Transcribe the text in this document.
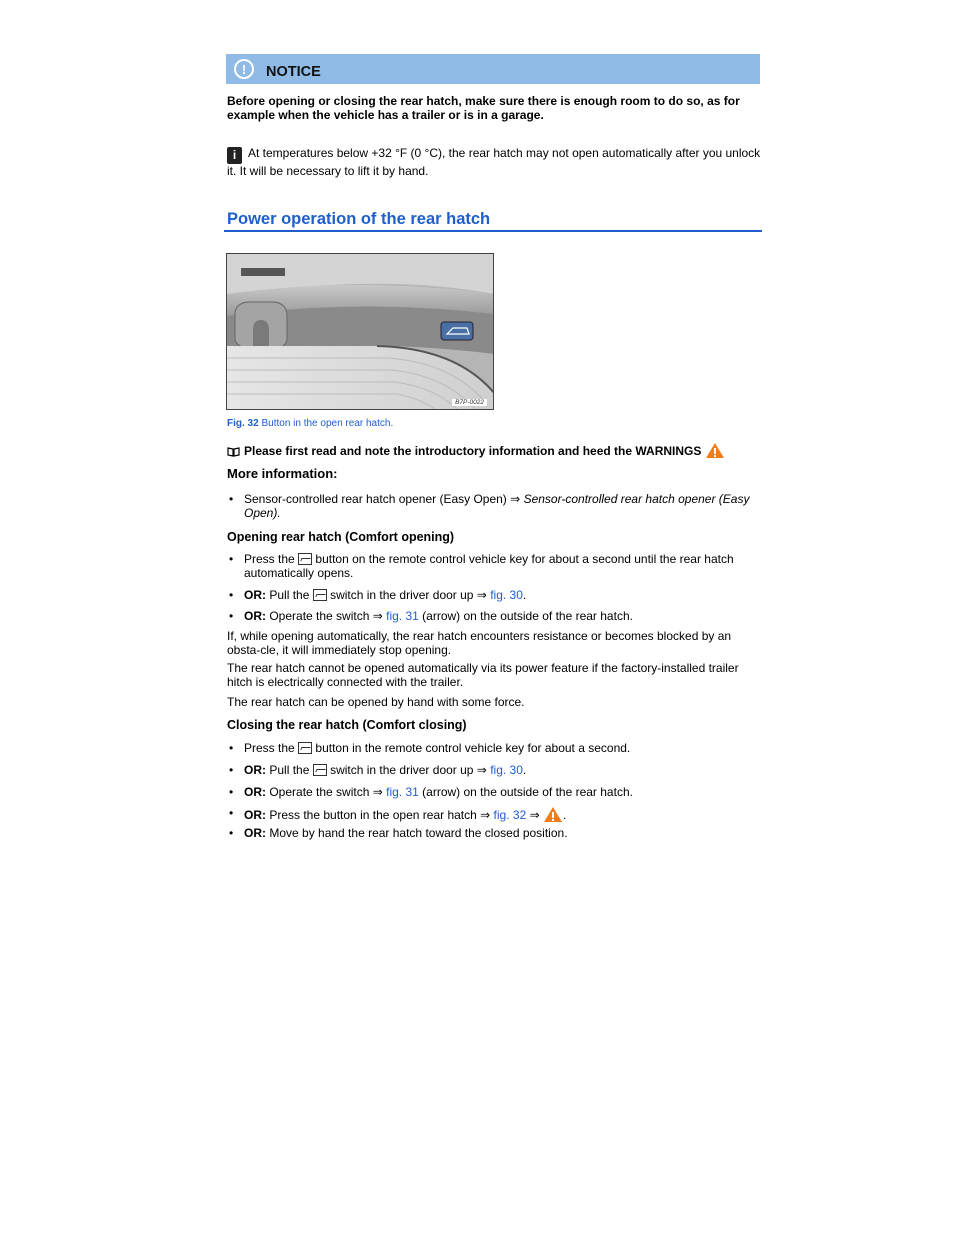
!	NOTICE
Before opening or closing the rear hatch, make sure there is enough room to do so, as for example when the vehicle has a trailer or is in a garage.
i At temperatures below +32 °F (0 °C), the rear hatch may not open automatically after you unlock it. It will be necessary to lift it by hand.
Power operation of the rear hatch
B7P-0022
Fig. 32 Button in the open rear hatch.
Please first read and note the introductory information and heed the WARNINGS
More information:
• Sensor-controlled rear hatch opener (Easy Open) ⇒ Sensor-controlled rear hatch opener (Easy Open).
Opening rear hatch (Comfort opening)
• Press the button on the remote control vehicle key for about a second until the rear hatch automatically opens.
• OR: Pull the switch in the driver door up ⇒ fig. 30.
• OR: Operate the switch ⇒ fig. 31 (arrow) on the outside of the rear hatch.
If, while opening automatically, the rear hatch encounters resistance or becomes blocked by an obsta-cle, it will immediately stop opening.
The rear hatch cannot be opened automatically via its power feature if the factory-installed trailer hitch is electrically connected with the trailer.
The rear hatch can be opened by hand with some force.
Closing the rear hatch (Comfort closing)
• Press the button in the remote control vehicle key for about a second.
• OR: Pull the switch in the driver door up ⇒ fig. 30.
• OR: Operate the switch ⇒ fig. 31 (arrow) on the outside of the rear hatch.
• OR: Press the button in the open rear hatch ⇒ fig. 32 ⇒ .
• OR: Move by hand the rear hatch toward the closed position.
